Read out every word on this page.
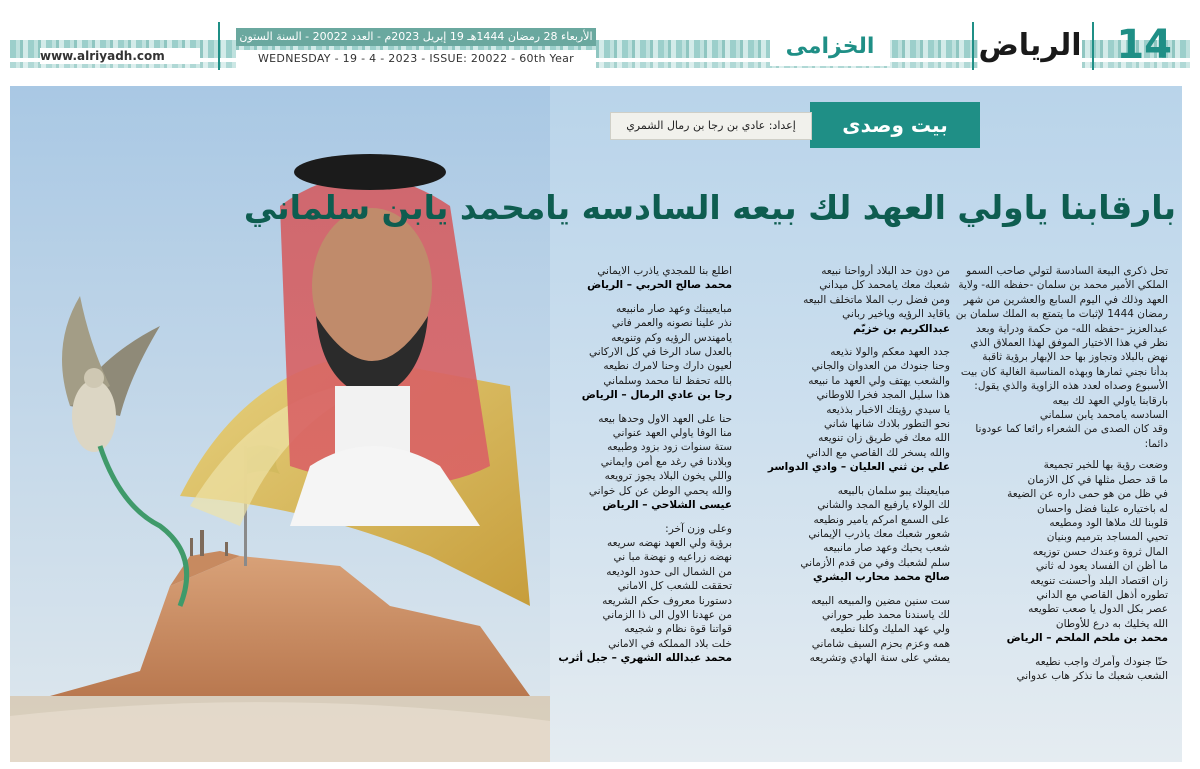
14
الرياض
الخزامى
الأربعاء 28 رمضان 1444هـ 19 إبريل 2023م - العدد 20022 - السنة الستون
WEDNESDAY - 19 - 4 - 2023 - ISSUE: 20022 - 60th Year
www.alriyadh.com
بيت وصدى
إعداد: عادي بن رجا بن رمال الشمري
بارقابنا ياولي العهد لك بيعه السادسه يامحمد يابن سلماني
تحل ذكرى البيعة السادسة لتولي صاحب السمو
الملكي الأمير محمد بن سلمان -حفظه الله- ولاية
العهد وذلك في اليوم السابع والعشرين من شهر
رمضان 1444 لإثبات ما يتمتع به الملك سلمان بن
عبدالعزيز -حفظه الله- من حكمة ودراية وبعد
نظر في هذا الاختيار الموفق لهذا العملاق الذي
نهض بالبلاد وتجاوز بها حد الإبهار برؤية ثاقبة
بدأنا نجني ثمارها وبهذه المناسبة الغالية كان بيت
الأسبوع وصداه لعدد هذه الزاوية والذي يقول:
بارقابنا ياولي العهد لك بيعه
السادسه يامحمد يابن سلماني
وقد كان الصدى من الشعراء رائعا كما عودونا
دائما:
وضعت رؤية بها للخير تجميعة
ما قد حصل مثلها في كل الازمان
في ظل من هو حمى داره عن الضيعة
له باختياره علينا فضل واحسان
قلوبنا لك ملاها الود ومطيعه
تحيي المساجد بترميم وبنيان
المال ثروة وعندك حسن توزيعه
ما أظن ان الفساد يعود له ثاني
زان اقتصاد البلد وأحسنت تنويعه
تطوره أذهل القاصي مع الداني
عصر بكل الدول يا صعب تطويعه
الله يخليك به درع للأوطان
محمد بن ملحم الملحم – الرياض
حنّا جنودك وأمرك واجب نطيعه
الشعب شعبك ما نذكر هاب عدواني
من دون حد البلاد أرواحنا نبيعه
شعبك معك يامحمد كل ميداني
ومن فضل رب الملا ماتخلف البيعه
ياقايد الرؤيه وياخير رباني
عبدالكريم بن خزيّم
جدد العهد معكم والولا نذيعه
وحنا جنودك من العدوان والجاني
والشعب يهتف ولي العهد ما نبيعه
هذا سليل المجد فخرا للاوطاني
يا سيدي رؤيتك الاخبار بذذيعه
نحو التطور بلادك شانها شاني
الله معك في طريق زان تنويعه
والله يسخر لك القاصي مع الداني
علي بن ثني العليان – وادي الدواسر
مبايعينك يبو سلمان بالبيعه
لك الولاء يارفيع المجد والشاني
على السمع امركم يامير ونطيعه
شعور شعبك معك ياذرب الإيماني
شعب يحبك وعهد صار مانبيعه
سلم لشعبك وفي من قدم الأزماني
صالح محمد محارب البشري
ست سنين مضين والمبيعه البيعه
لك ياسندنا محمد طير حوراني
ولي عهد المليك وكلنا نطيعه
همه وعزم بحزم السيف شاماني
يمشي على سنة الهادي وتشريعه
اطلع بنا للمجدي ياذرب الايماني
محمد صالح الحربي – الرياض
مبايعيينك وعهد صار مانبيعه
نذر علينا نصونه والعمر فاني
يامهندس الرؤيه وكم وتنويعه
بالعدل ساد الرخا في كل الاركاني
لعيون دارك وحنا لامرك نطيعه
بالله تحفظ لنا محمد وسلماني
رجا بن عادي الرمال – الرياض
حنا على العهد الاول وحدها بيعه
منا الوفا ياولي العهد عنواني
ستة سنوات زود بزود وطبيعه
وبلادنا في رغد مع أمن وايماني
واللي يخون البلاد يجوز ترويعه
والله يحمي الوطن عن كل خواني
عيسى الشلاحي – الرياض
وعلى وزن آخر:
برؤية ولي العهد نهضه سريعه
نهضه زراعيه و نهضة مبا ني
من الشمال الى حدود الوديعه
تحققت للشعب كل الاماني
دستورنا معروف حكم الشريعه
من عهدنا الاول الى ذا الزماني
قواتنا قوة نظام و شجيعه
خلت بلاد المملكه في الاماني
محمد عبدالله الشهري – جبل أثرب
